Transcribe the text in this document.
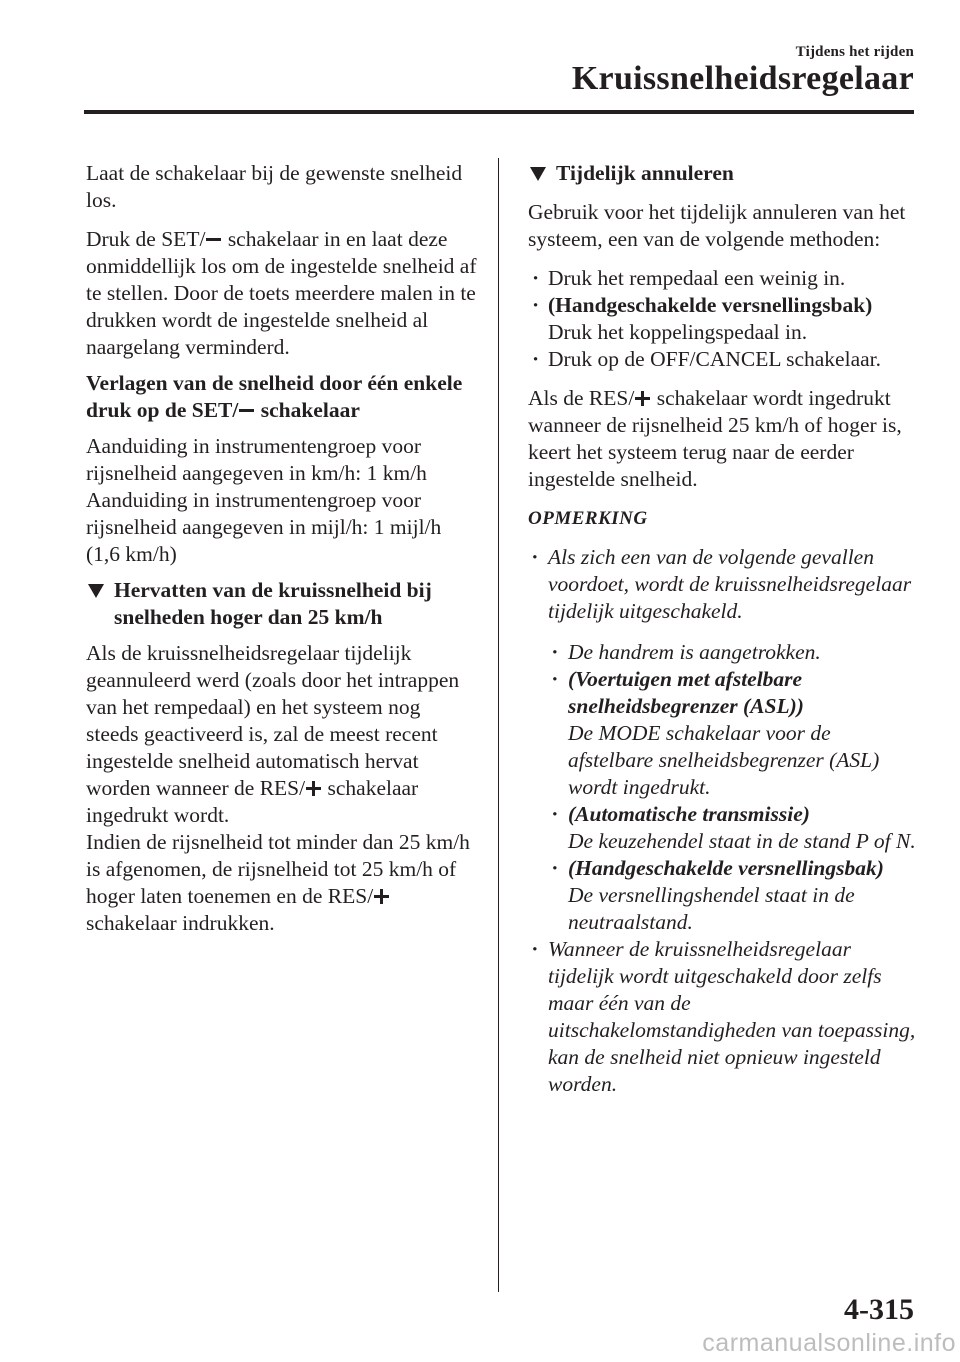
Tijdens het rijden
Kruissnelheidsregelaar

Laat de schakelaar bij de gewenste snelheid los.

Druk de SET/ schakelaar in en laat deze onmiddellijk los om de ingestelde snelheid af te stellen. Door de toets meerdere malen in te drukken wordt de ingestelde snelheid al naargelang verminderd.

Verlagen van de snelheid door één enkele druk op de SET/ schakelaar

Aanduiding in instrumentengroep voor rijsnelheid aangegeven in km/h: 1 km/h

Aanduiding in instrumentengroep voor rijsnelheid aangegeven in mijl/h: 1 mijl/h (1,6 km/h)

Hervatten van de kruissnelheid bij snelheden hoger dan 25 km/h

Als de kruissnelheidsregelaar tijdelijk geannuleerd werd (zoals door het intrappen van het rempedaal) en het systeem nog steeds geactiveerd is, zal de meest recent ingestelde snelheid automatisch hervat worden wanneer de RES/ schakelaar ingedrukt wordt.

Indien de rijsnelheid tot minder dan 25 km/h is afgenomen, de rijsnelheid tot 25 km/h of hoger laten toenemen en de RES/ schakelaar indrukken.

Tijdelijk annuleren

Gebruik voor het tijdelijk annuleren van het systeem, een van de volgende methoden:

· Druk het rempedaal een weinig in.
· (Handgeschakelde versnellingsbak)
Druk het koppelingspedaal in.
· Druk op de OFF/CANCEL schakelaar.

Als de RES/ schakelaar wordt ingedrukt wanneer de rijsnelheid 25 km/h of hoger is, keert het systeem terug naar de eerder ingestelde snelheid.

OPMERKING

· Als zich een van de volgende gevallen voordoet, wordt de kruissnelheidsregelaar tijdelijk uitgeschakeld.
· De handrem is aangetrokken.
· (Voertuigen met afstelbare snelheidsbegrenzer (ASL))
De MODE schakelaar voor de afstelbare snelheidsbegrenzer (ASL) wordt ingedrukt.
· (Automatische transmissie)
De keuzehendel staat in de stand P of N.
· (Handgeschakelde versnellingsbak)
De versnellingshendel staat in de neutraalstand.
· Wanneer de kruissnelheidsregelaar tijdelijk wordt uitgeschakeld door zelfs maar één van de uitschakelomstandigheden van toepassing, kan de snelheid niet opnieuw ingesteld worden.
4-315
carmanualsonline.info
